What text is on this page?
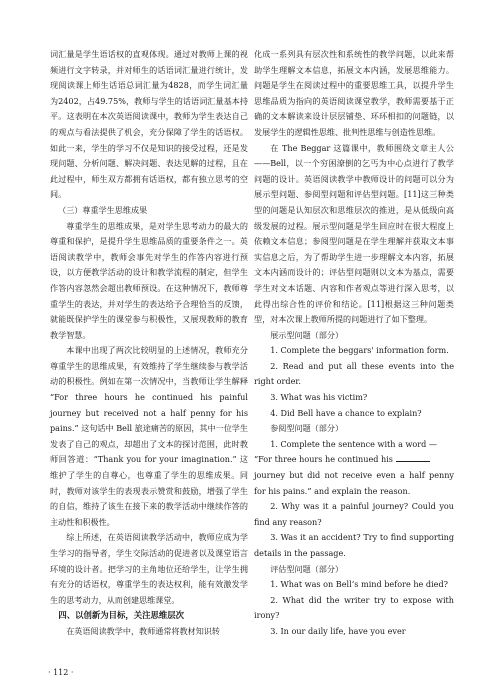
词汇量是学生语话权的直观体现。通过对教师上课的视频进行文字转录，并对师生的话语词汇量进行统计，发现阅读课上师生话语总词汇量为4828，而学生词汇量为2402，占49.75%，教师与学生的话语词汇量基本持平。这表明在本次英语阅读课中，教师为学生表达自己的观点与看法提供了机会，充分保障了学生的话语权。如此一来，学生的学习不仅是知识的接受过程，还是发现问题、分析问题、解决问题、表达见解的过程，且在此过程中，师生双方都拥有话语权，都有独立思考的空间。

（三）尊重学生思维成果

尊重学生的思维成果，是对学生思考动力的最大的尊重和保护，是提升学生思维品质的重要条件之一。英语阅读教学中，教师会事先对学生的作答内容进行预设，以方便教学活动的设计和教学流程的制定，但学生作答内容忽然会超出教师预设。在这种情况下，教师尊重学生的表达，并对学生的表达给予合理恰当的反馈，就能既保护学生的课堂参与积极性，又展现教师的教育教学智慧。

本课中出现了两次比较明显的上述情况，教师充分尊重学生的思维成果，有效维持了学生继续参与教学活动的积极性。例如在第一次情况中，当教师让学生解释 “For three hours he continued his painful journey but received not a half penny for his pains.” 这句话中 Bell 旅途痛苦的原因，其中一位学生发表了自己的观点，却超出了文本的探讨范围，此时教师回答道：“Thank you for your imagination.” 这维护了学生的自尊心，也尊重了学生的思维成果。同时，教师对该学生的表现表示赞赏和鼓励，增强了学生的自信，维持了该生在接下来的教学活动中继续作答的主动性和积极性。

综上所述，在英语阅读教学活动中，教师应成为学生学习的指导者，学生交际活动的促进者以及课堂语言环境的设计者。把学习的主角地位还给学生，让学生拥有充分的话语权，尊重学生的表达权利，能有效激发学生的思考动力，从而创建思维课堂。

四、以创新为目标，关注思维层次

在英语阅读教学中，教师通常将教材知识转

化成一系列具有层次性和系统性的教学问题，以此来帮助学生理解文本信息，拓展文本内涵，发展思维能力。问题是学生在阅读过程中的重要思维工具，以提升学生思维品质为指向的英语阅读课堂教学，教师需要基于正确的文本解读来设计层层铺垫、环环相扣的问题链，以发展学生的逻辑性思维、批判性思维与创造性思维。

在 The Beggar 这篇课中，教师围绕文章主人公——Bell，以一个穷困潦倒的乞丐为中心点进行了教学问题的设计。英语阅读教学中教师设计的问题可以分为展示型问题、参阅型问题和评估型问题。[11]这三种类型的问题是认知层次和思维层次的推进，是从低级向高级发展的过程。展示型问题是学生回应时在很大程度上依赖文本信息；参阅型问题是在学生理解并获取文本事实信息之后，为了帮助学生进一步理解文本内容，拓展文本内涵而设计的；评估型问题则以文本为基点，需要学生对文本话题、内容和作者观点等进行深入思考，以此得出综合性的评价和结论。[11]根据这三种问题类型，对本次课上教师所提的问题进行了如下整理。

展示型问题（部分）

1. Complete the beggars' information form.

2. Read and put all these events into the right order.

3. What was his victim?

4. Did Bell have a chance to explain?

参阅型问题（部分）

1. Complete the sentence with a word —

“For three hours he continued his

journey but did not receive even a half penny for his pains.” and explain the reason.

2. Why was it a painful journey? Could you find any reason?

3. Was it an accident? Try to find supporting details in the passage.

评估型问题（部分）

1. What was on Bell’s mind before he died?

2. What did the writer try to expose with irony?

3. In our daily life, have you ever

· 112 ·
